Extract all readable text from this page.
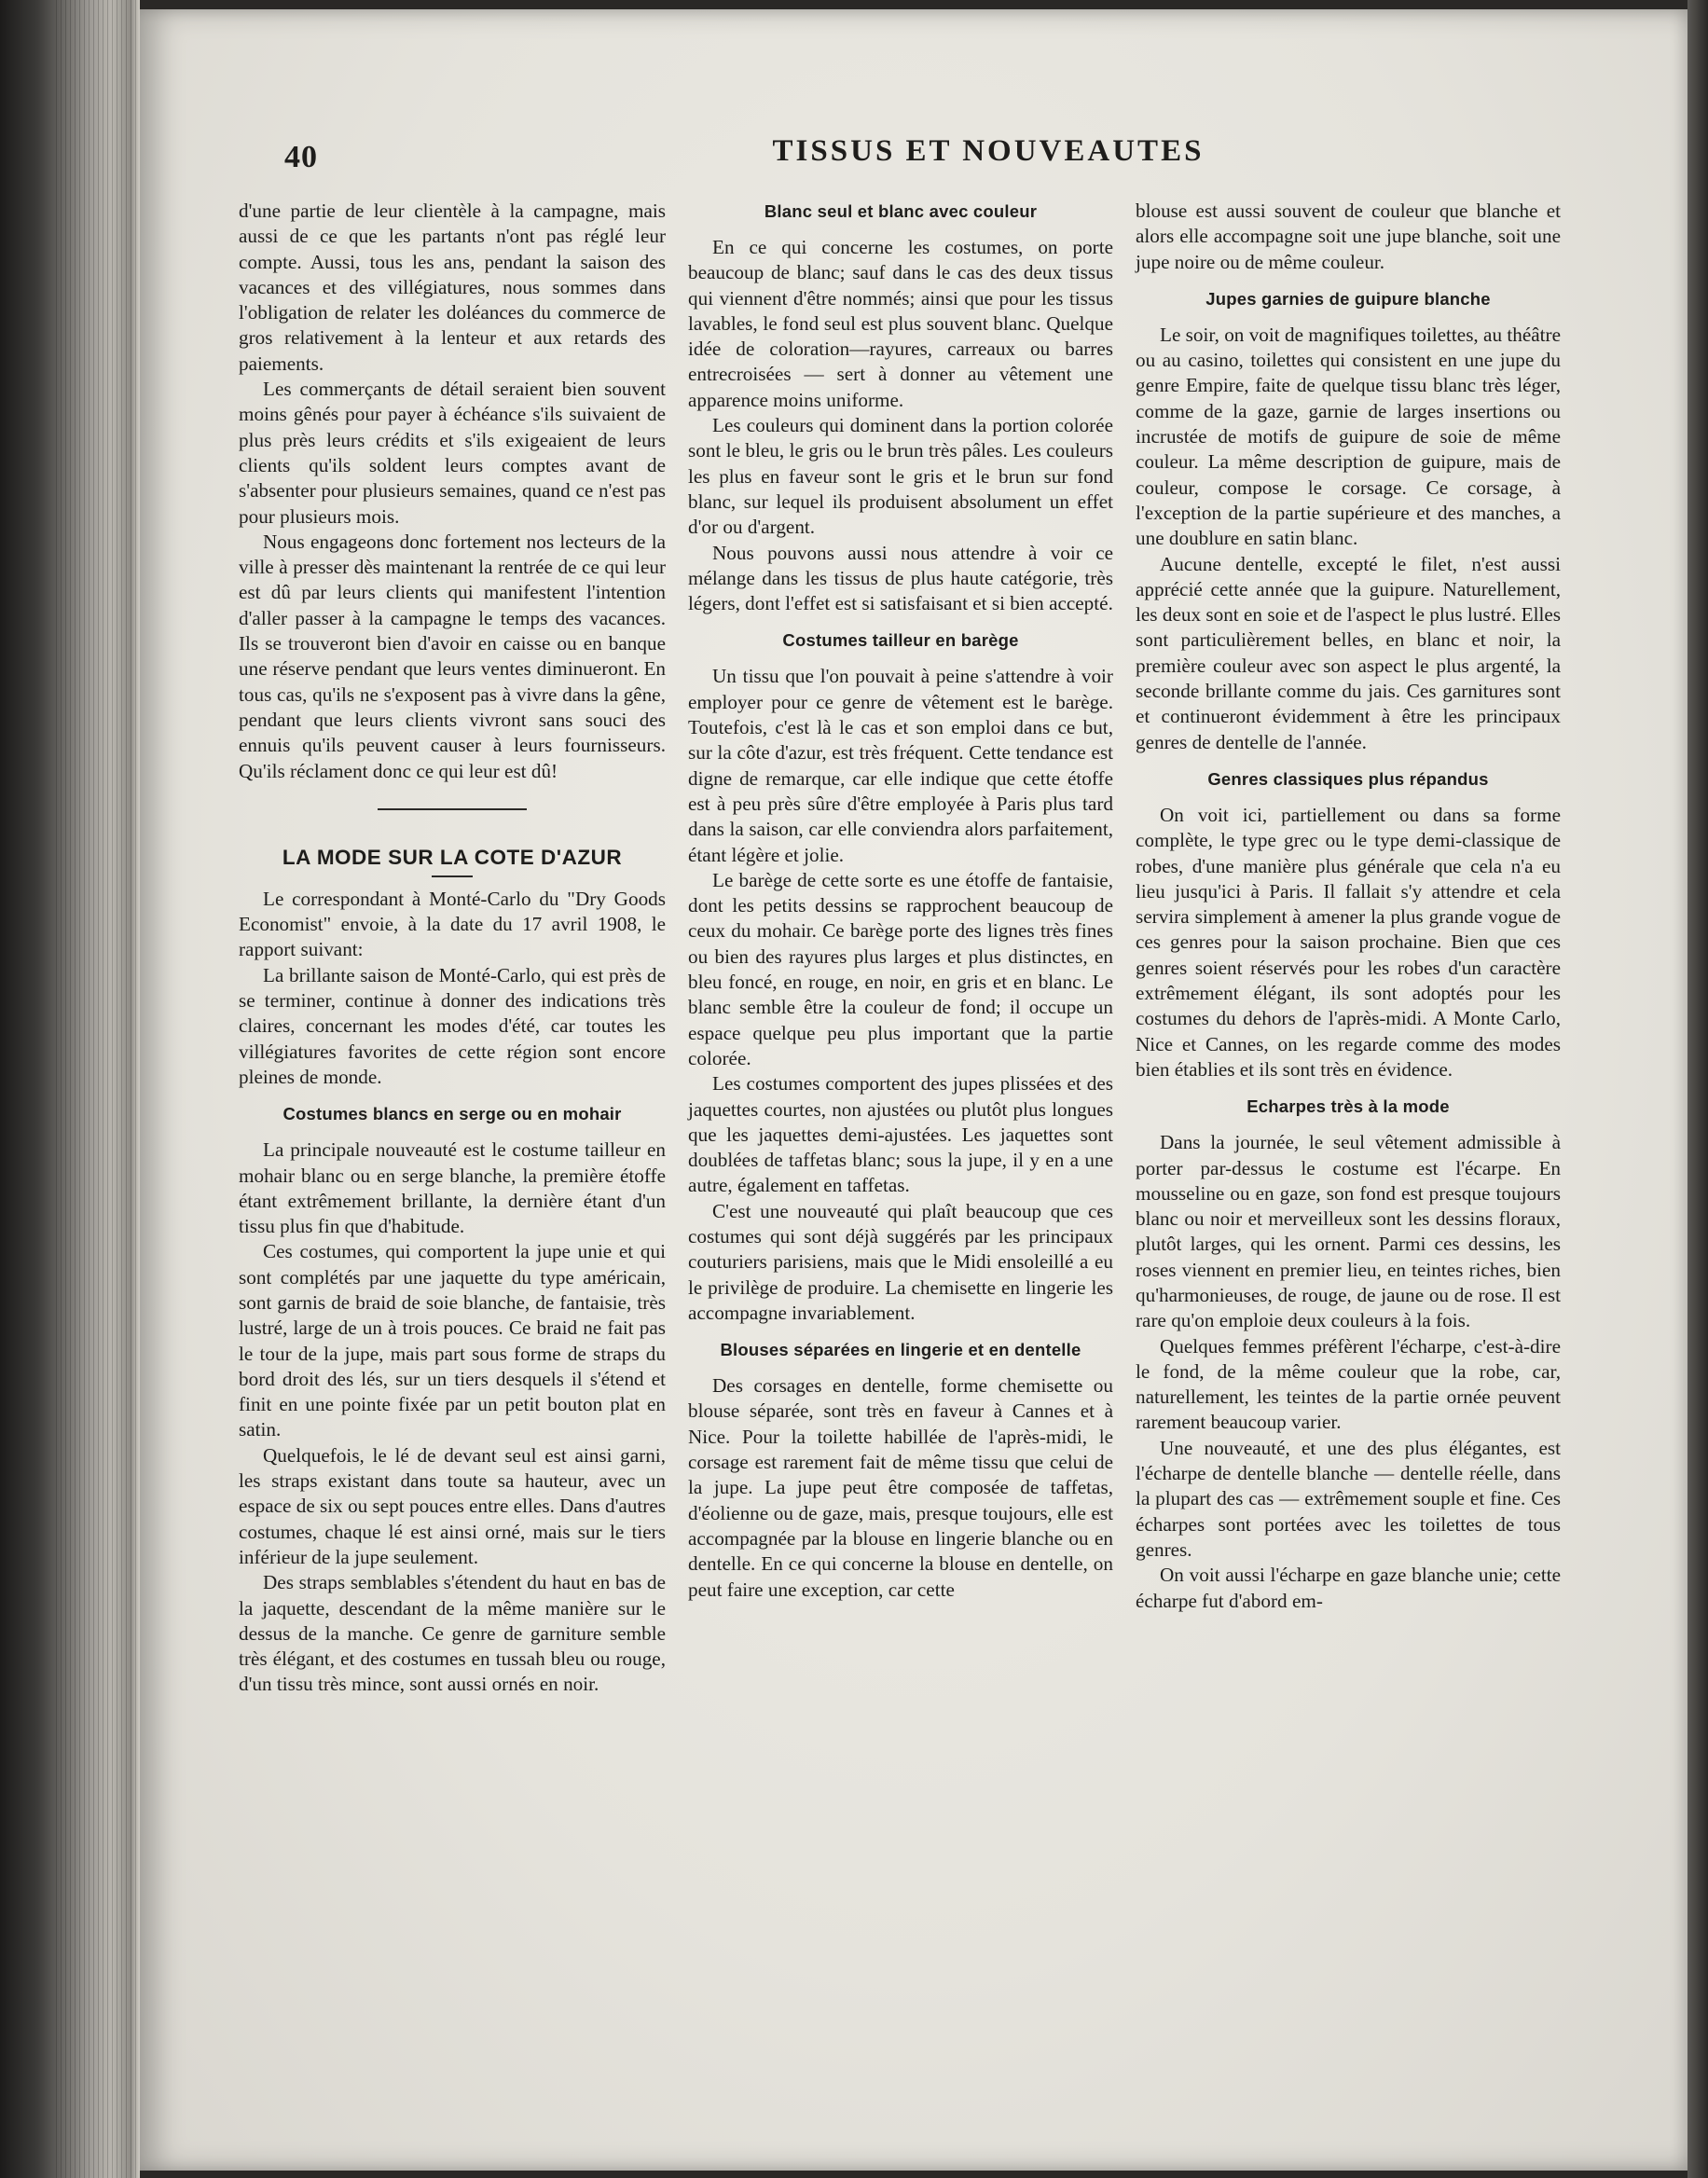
40	TISSUS ET NOUVEAUTES

d'une partie de leur clientèle à la campagne, mais aussi de ce que les partants n'ont pas réglé leur compte. Aussi, tous les ans, pendant la saison des vacances et des villégiatures, nous sommes dans l'obligation de relater les doléances du commerce de gros relativement à la lenteur et aux retards des paiements.

Les commerçants de détail seraient bien souvent moins gênés pour payer à échéance s'ils suivaient de plus près leurs crédits et s'ils exigeaient de leurs clients qu'ils soldent leurs comptes avant de s'absenter pour plusieurs semaines, quand ce n'est pas pour plusieurs mois.

Nous engageons donc fortement nos lecteurs de la ville à presser dès maintenant la rentrée de ce qui leur est dû par leurs clients qui manifestent l'intention d'aller passer à la campagne le temps des vacances. Ils se trouveront bien d'avoir en caisse ou en banque une réserve pendant que leurs ventes diminueront. En tous cas, qu'ils ne s'exposent pas à vivre dans la gêne, pendant que leurs clients vivront sans souci des ennuis qu'ils peuvent causer à leurs fournisseurs. Qu'ils réclament donc ce qui leur est dû!

LA MODE SUR LA COTE D'AZUR

Le correspondant à Monté-Carlo du "Dry Goods Economist" envoie, à la date du 17 avril 1908, le rapport suivant:

La brillante saison de Monté-Carlo, qui est près de se terminer, continue à donner des indications très claires, concernant les modes d'été, car toutes les villégiatures favorites de cette région sont encore pleines de monde.

Costumes blancs en serge ou en mohair

La principale nouveauté est le costume tailleur en mohair blanc ou en serge blanche, la première étoffe étant extrêmement brillante, la dernière étant d'un tissu plus fin que d'habitude.

Ces costumes, qui comportent la jupe unie et qui sont complétés par une jaquette du type américain, sont garnis de braid de soie blanche, de fantaisie, très lustré, large de un à trois pouces. Ce braid ne fait pas le tour de la jupe, mais part sous forme de straps du bord droit des lés, sur un tiers desquels il s'étend et finit en une pointe fixée par un petit bouton plat en satin.

Quelquefois, le lé de devant seul est ainsi garni, les straps existant dans toute sa hauteur, avec un espace de six ou sept pouces entre elles. Dans d'autres costumes, chaque lé est ainsi orné, mais sur le tiers inférieur de la jupe seulement.

Des straps semblables s'étendent du haut en bas de la jaquette, descendant de la même manière sur le dessus de la manche. Ce genre de garniture semble très élégant, et des costumes en tussah bleu ou rouge, d'un tissu très mince, sont aussi ornés en noir.

Blanc seul et blanc avec couleur

En ce qui concerne les costumes, on porte beaucoup de blanc; sauf dans le cas des deux tissus qui viennent d'être nommés; ainsi que pour les tissus lavables, le fond seul est plus souvent blanc. Quelque idée de coloration—rayures, carreaux ou barres entrecroisées — sert à donner au vêtement une apparence moins uniforme.

Les couleurs qui dominent dans la portion colorée sont le bleu, le gris ou le brun très pâles. Les couleurs les plus en faveur sont le gris et le brun sur fond blanc, sur lequel ils produisent absolument un effet d'or ou d'argent.

Nous pouvons aussi nous attendre à voir ce mélange dans les tissus de plus haute catégorie, très légers, dont l'effet est si satisfaisant et si bien accepté.

Costumes tailleur en barège

Un tissu que l'on pouvait à peine s'attendre à voir employer pour ce genre de vêtement est le barège. Toutefois, c'est là le cas et son emploi dans ce but, sur la côte d'azur, est très fréquent. Cette tendance est digne de remarque, car elle indique que cette étoffe est à peu près sûre d'être employée à Paris plus tard dans la saison, car elle conviendra alors parfaitement, étant légère et jolie.

Le barège de cette sorte es une étoffe de fantaisie, dont les petits dessins se rapprochent beaucoup de ceux du mohair. Ce barège porte des lignes très fines ou bien des rayures plus larges et plus distinctes, en bleu foncé, en rouge, en noir, en gris et en blanc. Le blanc semble être la couleur de fond; il occupe un espace quelque peu plus important que la partie colorée.

Les costumes comportent des jupes plissées et des jaquettes courtes, non ajustées ou plutôt plus longues que les jaquettes demi-ajustées. Les jaquettes sont doublées de taffetas blanc; sous la jupe, il y en a une autre, également en taffetas.

C'est une nouveauté qui plaît beaucoup que ces costumes qui sont déjà suggérés par les principaux couturiers parisiens, mais que le Midi ensoleillé a eu le privilège de produire. La chemisette en lingerie les accompagne invariablement.

Blouses séparées en lingerie et en dentelle

Des corsages en dentelle, forme chemisette ou blouse séparée, sont très en faveur à Cannes et à Nice. Pour la toilette habillée de l'après-midi, le corsage est rarement fait de même tissu que celui de la jupe. La jupe peut être composée de taffetas, d'éolienne ou de gaze, mais, presque toujours, elle est accompagnée par la blouse en lingerie blanche ou en dentelle. En ce qui concerne la blouse en dentelle, on peut faire une exception, car cette

blouse est aussi souvent de couleur que blanche et alors elle accompagne soit une jupe blanche, soit une jupe noire ou de même couleur.

Jupes garnies de guipure blanche

Le soir, on voit de magnifiques toilettes, au théâtre ou au casino, toilettes qui consistent en une jupe du genre Empire, faite de quelque tissu blanc très léger, comme de la gaze, garnie de larges insertions ou incrustée de motifs de guipure de soie de même couleur. La même description de guipure, mais de couleur, compose le corsage. Ce corsage, à l'exception de la partie supérieure et des manches, a une doublure en satin blanc.

Aucune dentelle, excepté le filet, n'est aussi apprécié cette année que la guipure. Naturellement, les deux sont en soie et de l'aspect le plus lustré. Elles sont particulièrement belles, en blanc et noir, la première couleur avec son aspect le plus argenté, la seconde brillante comme du jais. Ces garnitures sont et continueront évidemment à être les principaux genres de dentelle de l'année.

Genres classiques plus répandus

On voit ici, partiellement ou dans sa forme complète, le type grec ou le type demi-classique de robes, d'une manière plus générale que cela n'a eu lieu jusqu'ici à Paris. Il fallait s'y attendre et cela servira simplement à amener la plus grande vogue de ces genres pour la saison prochaine. Bien que ces genres soient réservés pour les robes d'un caractère extrêmement élégant, ils sont adoptés pour les costumes du dehors de l'après-midi. A Monte Carlo, Nice et Cannes, on les regarde comme des modes bien établies et ils sont très en évidence.

Echarpes très à la mode

Dans la journée, le seul vêtement admissible à porter par-dessus le costume est l'écarpe. En mousseline ou en gaze, son fond est presque toujours blanc ou noir et merveilleux sont les dessins floraux, plutôt larges, qui les ornent. Parmi ces dessins, les roses viennent en premier lieu, en teintes riches, bien qu'harmonieuses, de rouge, de jaune ou de rose. Il est rare qu'on emploie deux couleurs à la fois.

Quelques femmes préfèrent l'écharpe, c'est-à-dire le fond, de la même couleur que la robe, car, naturellement, les teintes de la partie ornée peuvent rarement beaucoup varier.

Une nouveauté, et une des plus élégantes, est l'écharpe de dentelle blanche — dentelle réelle, dans la plupart des cas — extrêmement souple et fine. Ces écharpes sont portées avec les toilettes de tous genres.

On voit aussi l'écharpe en gaze blanche unie; cette écharpe fut d'abord em-
